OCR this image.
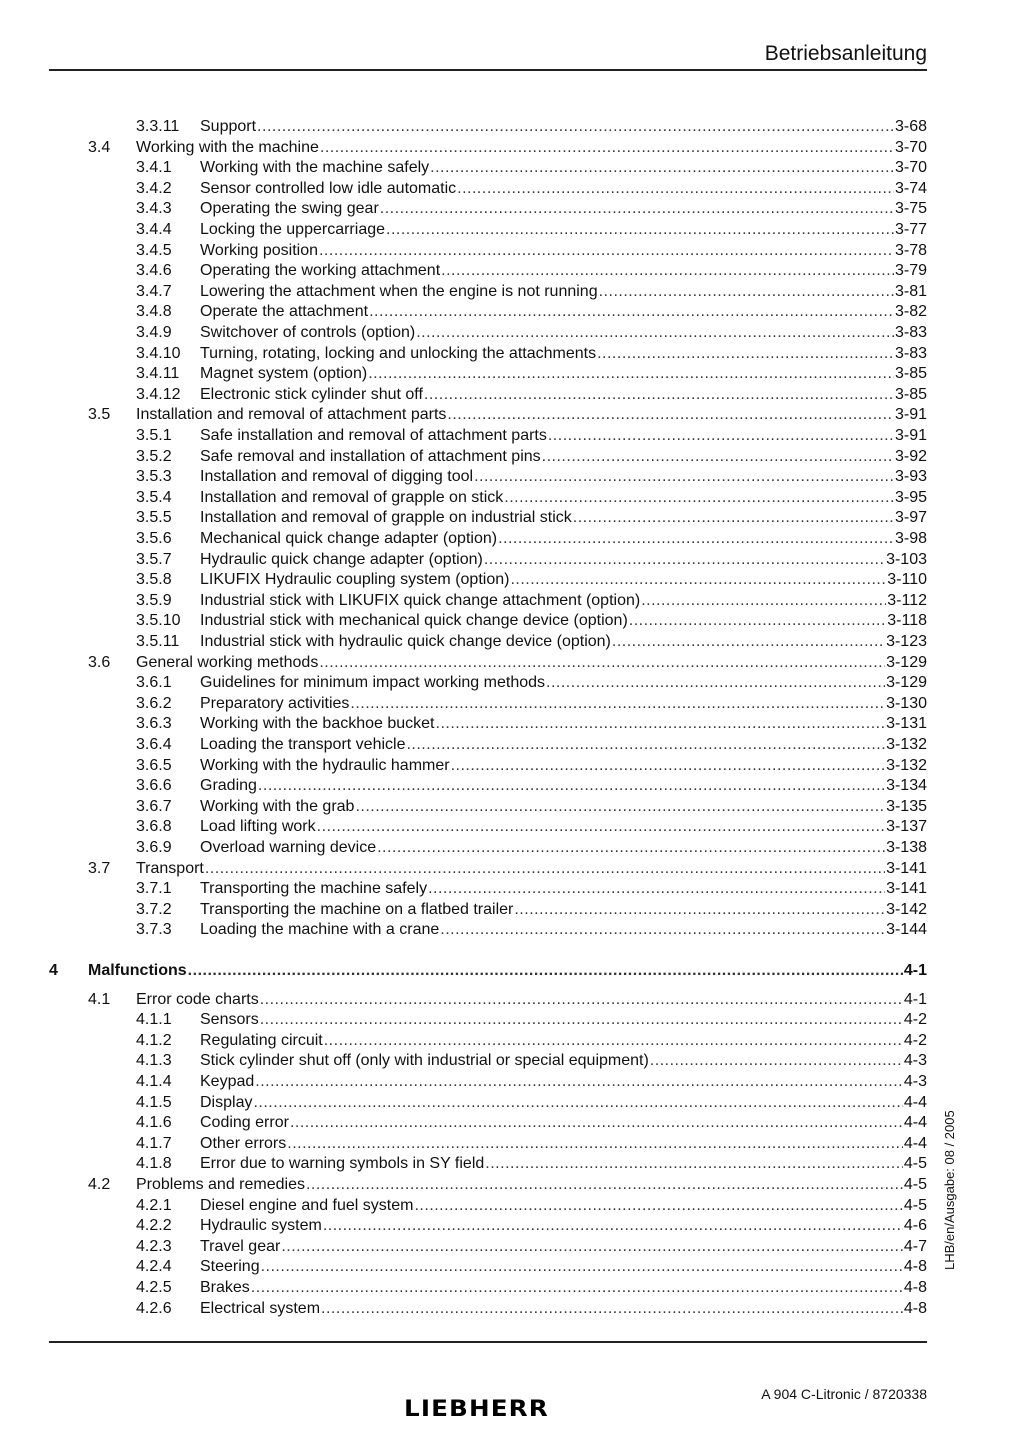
Betriebsanleitung
3.3.11 Support .....	3-68
3.4 Working with the machine .....	3-70
3.4.1 Working with the machine safely .....	3-70
3.4.2 Sensor controlled low idle automatic .....	3-74
3.4.3 Operating the swing gear .....	3-75
3.4.4 Locking the uppercarriage .....	3-77
3.4.5 Working position .....	3-78
3.4.6 Operating the working attachment .....	3-79
3.4.7 Lowering the attachment when the engine is not running .....	3-81
3.4.8 Operate the attachment .....	3-82
3.4.9 Switchover of controls (option) .....	3-83
3.4.10 Turning, rotating, locking and unlocking the attachments .....	3-83
3.4.11 Magnet system (option) .....	3-85
3.4.12 Electronic stick cylinder shut off .....	3-85
3.5 Installation and removal of attachment parts .....	3-91
3.5.1 Safe installation and removal of attachment parts .....	3-91
3.5.2 Safe removal and installation of attachment pins .....	3-92
3.5.3 Installation and removal of digging tool .....	3-93
3.5.4 Installation and removal of grapple on stick .....	3-95
3.5.5 Installation and removal of grapple on industrial stick .....	3-97
3.5.6 Mechanical quick change adapter (option) .....	3-98
3.5.7 Hydraulic quick change adapter (option) .....	3-103
3.5.8 LIKUFIX Hydraulic coupling system (option) .....	3-110
3.5.9 Industrial stick with LIKUFIX quick change attachment (option) .....	3-112
3.5.10 Industrial stick with mechanical quick change device (option) .....	3-118
3.5.11 Industrial stick with hydraulic quick change device (option) .....	3-123
3.6 General working methods .....	3-129
3.6.1 Guidelines for minimum impact working methods .....	3-129
3.6.2 Preparatory activities .....	3-130
3.6.3 Working with the backhoe bucket .....	3-131
3.6.4 Loading the transport vehicle .....	3-132
3.6.5 Working with the hydraulic hammer .....	3-132
3.6.6 Grading .....	3-134
3.6.7 Working with the grab .....	3-135
3.6.8 Load lifting work .....	3-137
3.6.9 Overload warning device .....	3-138
3.7 Transport .....	3-141
3.7.1 Transporting the machine safely .....	3-141
3.7.2 Transporting the machine on a flatbed trailer .....	3-142
3.7.3 Loading the machine with a crane .....	3-144
4 Malfunctions .....	4-1
4.1 Error code charts .....	4-1
4.1.1 Sensors .....	4-2
4.1.2 Regulating circuit .....	4-2
4.1.3 Stick cylinder shut off (only with industrial or special equipment) .....	4-3
4.1.4 Keypad .....	4-3
4.1.5 Display .....	4-4
4.1.6 Coding error .....	4-4
4.1.7 Other errors .....	4-4
4.1.8 Error due to warning symbols in SY field .....	4-5
4.2 Problems and remedies .....	4-5
4.2.1 Diesel engine and fuel system .....	4-5
4.2.2 Hydraulic system .....	4-6
4.2.3 Travel gear .....	4-7
4.2.4 Steering .....	4-8
4.2.5 Brakes .....	4-8
4.2.6 Electrical system .....	4-8
LHB/en/Ausgabe: 08 / 2005
A 904 C-Litronic / 8720338
LIEBHERR
